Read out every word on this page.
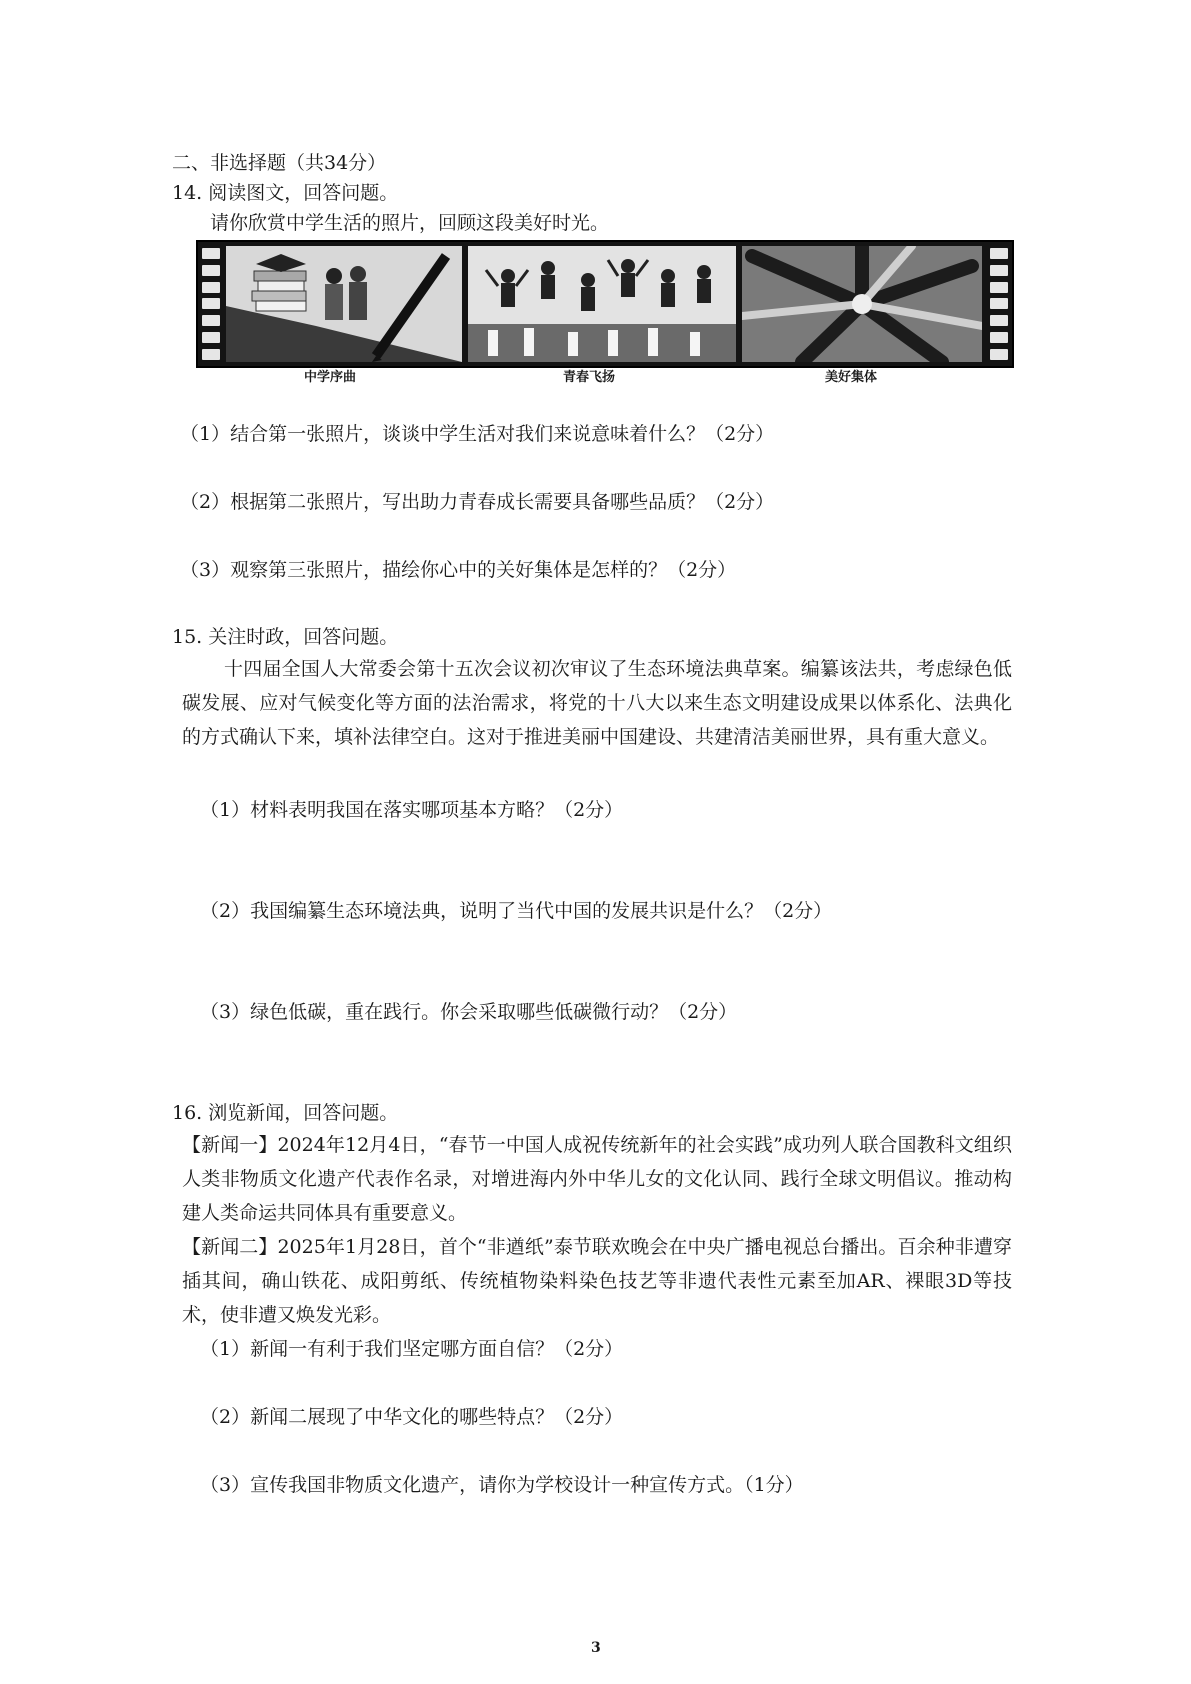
二、非选择题（共34分）
14. 阅读图文，回答问题。
请你欣赏中学生活的照片，回顾这段美好时光。
中学序曲	青春飞扬	美好集体
（1）结合第一张照片，谈谈中学生活对我们来说意味着什么？（2分）
（2）根据第二张照片，写出助力青春成长需要具备哪些品质？（2分）
（3）观察第三张照片，描绘你心中的关好集体是怎样的？（2分）
15. 关注时政，回答问题。
十四届全国人大常委会第十五次会议初次审议了生态环境法典草案。编纂该法共，考虑绿色低碳发展、应对气候变化等方面的法治需求，将党的十八大以来生态文明建设成果以体系化、法典化的方式确认下来，填补法律空白。这对于推进美丽中国建设、共建清洁美丽世界，具有重大意义。
（1）材料表明我国在落实哪项基本方略？（2分）
（2）我国编纂生态环境法典，说明了当代中国的发展共识是什么？（2分）
（3）绿色低碳，重在践行。你会采取哪些低碳微行动？（2分）
16. 浏览新闻，回答问题。
【新闻一】2024年12月4日，“春节一中国人成祝传统新年的社会实践”成功列人联合国教科文组织人类非物质文化遗产代表作名录，对增进海内外中华儿女的文化认同、践行全球文明倡议。推动构建人类命运共同体具有重要意义。
【新闻二】2025年1月28日，首个“非遒纸”泰节联欢晚会在中央广播电视总台播出。百余种非遭穿插其间，确山铁花、成阳剪纸、传统植物染料染色技艺等非遗代表性元素至加AR、裸眼3D等技术，使非遭又焕发光彩。
（1）新闻一有利于我们坚定哪方面自信？（2分）
（2）新闻二展现了中华文化的哪些特点？（2分）
（3）宣传我国非物质文化遗产，请你为学校设计一种宣传方式。（1分）
3
